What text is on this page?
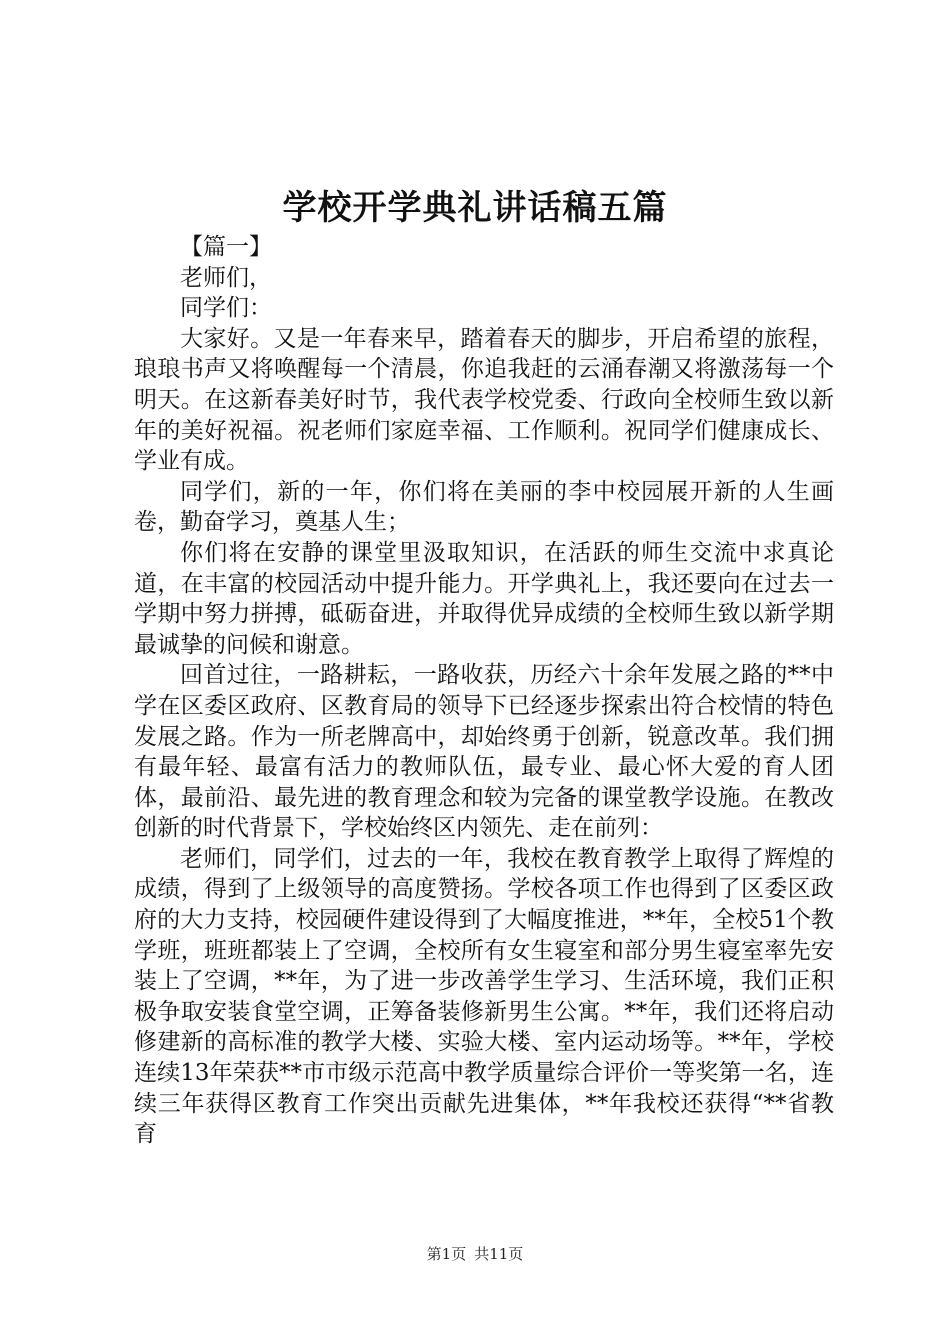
学校开学典礼讲话稿五篇

【篇一】

老师们，

同学们：

大家好。又是一年春来早，踏着春天的脚步，开启希望的旅程，琅琅书声又将唤醒每一个清晨，你追我赶的云涌春潮又将激荡每一个明天。在这新春美好时节，我代表学校党委、行政向全校师生致以新年的美好祝福。祝老师们家庭幸福、工作顺利。祝同学们健康成长、学业有成。

同学们，新的一年，你们将在美丽的李中校园展开新的人生画卷，勤奋学习，奠基人生；

你们将在安静的课堂里汲取知识，在活跃的师生交流中求真论道，在丰富的校园活动中提升能力。开学典礼上，我还要向在过去一学期中努力拼搏，砥砺奋进，并取得优异成绩的全校师生致以新学期最诚挚的问候和谢意。

回首过往，一路耕耘，一路收获，历经六十余年发展之路的**中学在区委区政府、区教育局的领导下已经逐步探索出符合校情的特色发展之路。作为一所老牌高中，却始终勇于创新，锐意改革。我们拥有最年轻、最富有活力的教师队伍，最专业、最心怀大爱的育人团体，最前沿、最先进的教育理念和较为完备的课堂教学设施。在教改创新的时代背景下，学校始终区内领先、走在前列：

老师们，同学们，过去的一年，我校在教育教学上取得了辉煌的成绩，得到了上级领导的高度赞扬。学校各项工作也得到了区委区政府的大力支持，校园硬件建设得到了大幅度推进，**年，全校51个教学班，班班都装上了空调，全校所有女生寝室和部分男生寝室率先安装上了空调，**年，为了进一步改善学生学习、生活环境，我们正积极争取安装食堂空调，正筹备装修新男生公寓。**年，我们还将启动修建新的高标准的教学大楼、实验大楼、室内运动场等。**年，学校连续13年荣获**市市级示范高中教学质量综合评价一等奖第一名，连续三年获得区教育工作突出贡献先进集体，**年我校还获得“**省教育

第1页 共11页
